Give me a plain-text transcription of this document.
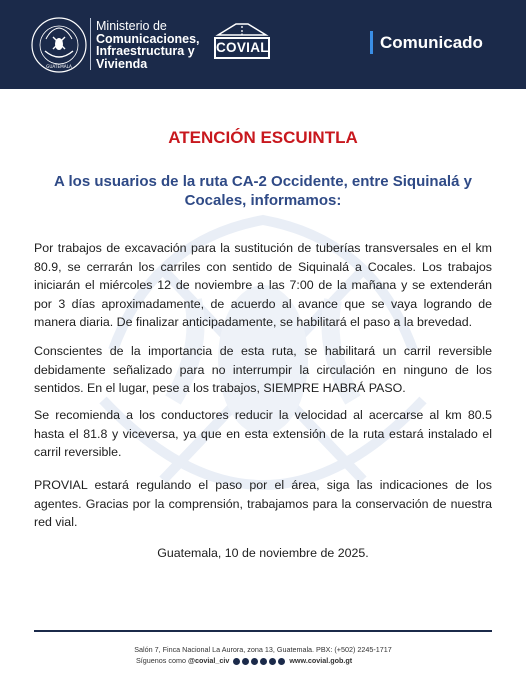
GUATEMALA
Ministerio de
Comunicaciones,
Infraestructura y
Vivienda
COVIAL	Comunicado
ATENCIÓN ESCUINTLA
A los usuarios de la ruta CA-2 Occidente, entre Siquinalá y Cocales, informamos:
Por trabajos de excavación para la sustitución de tuberías transversales en el km 80.9, se cerrarán los carriles con sentido de Siquinalá a Cocales. Los trabajos iniciarán el miércoles 12 de noviembre a las 7:00 de la mañana y se extenderán por 3 días aproximadamente, de acuerdo al avance que se vaya logrando de manera diaria. De finalizar anticipadamente, se habilitará el paso a la brevedad.
Conscientes de la importancia de esta ruta, se habilitará un carril reversible debidamente señalizado para no interrumpir la circulación en ninguno de los sentidos. En el lugar, pese a los trabajos, SIEMPRE HABRÁ PASO.
Se recomienda a los conductores reducir la velocidad al acercarse al km 80.5 hasta el 81.8 y viceversa, ya que en esta extensión de la ruta estará instalado el carril reversible.
PROVIAL estará regulando el paso por el área, siga las indicaciones de los agentes. Gracias por la comprensión, trabajamos para la conservación de nuestra red vial.
Guatemala, 10 de noviembre de 2025.
Salón 7, Finca Nacional La Aurora, zona 13, Guatemala. PBX: (+502) 2245-1717
Síguenos como @covial_civ	www.covial.gob.gt
